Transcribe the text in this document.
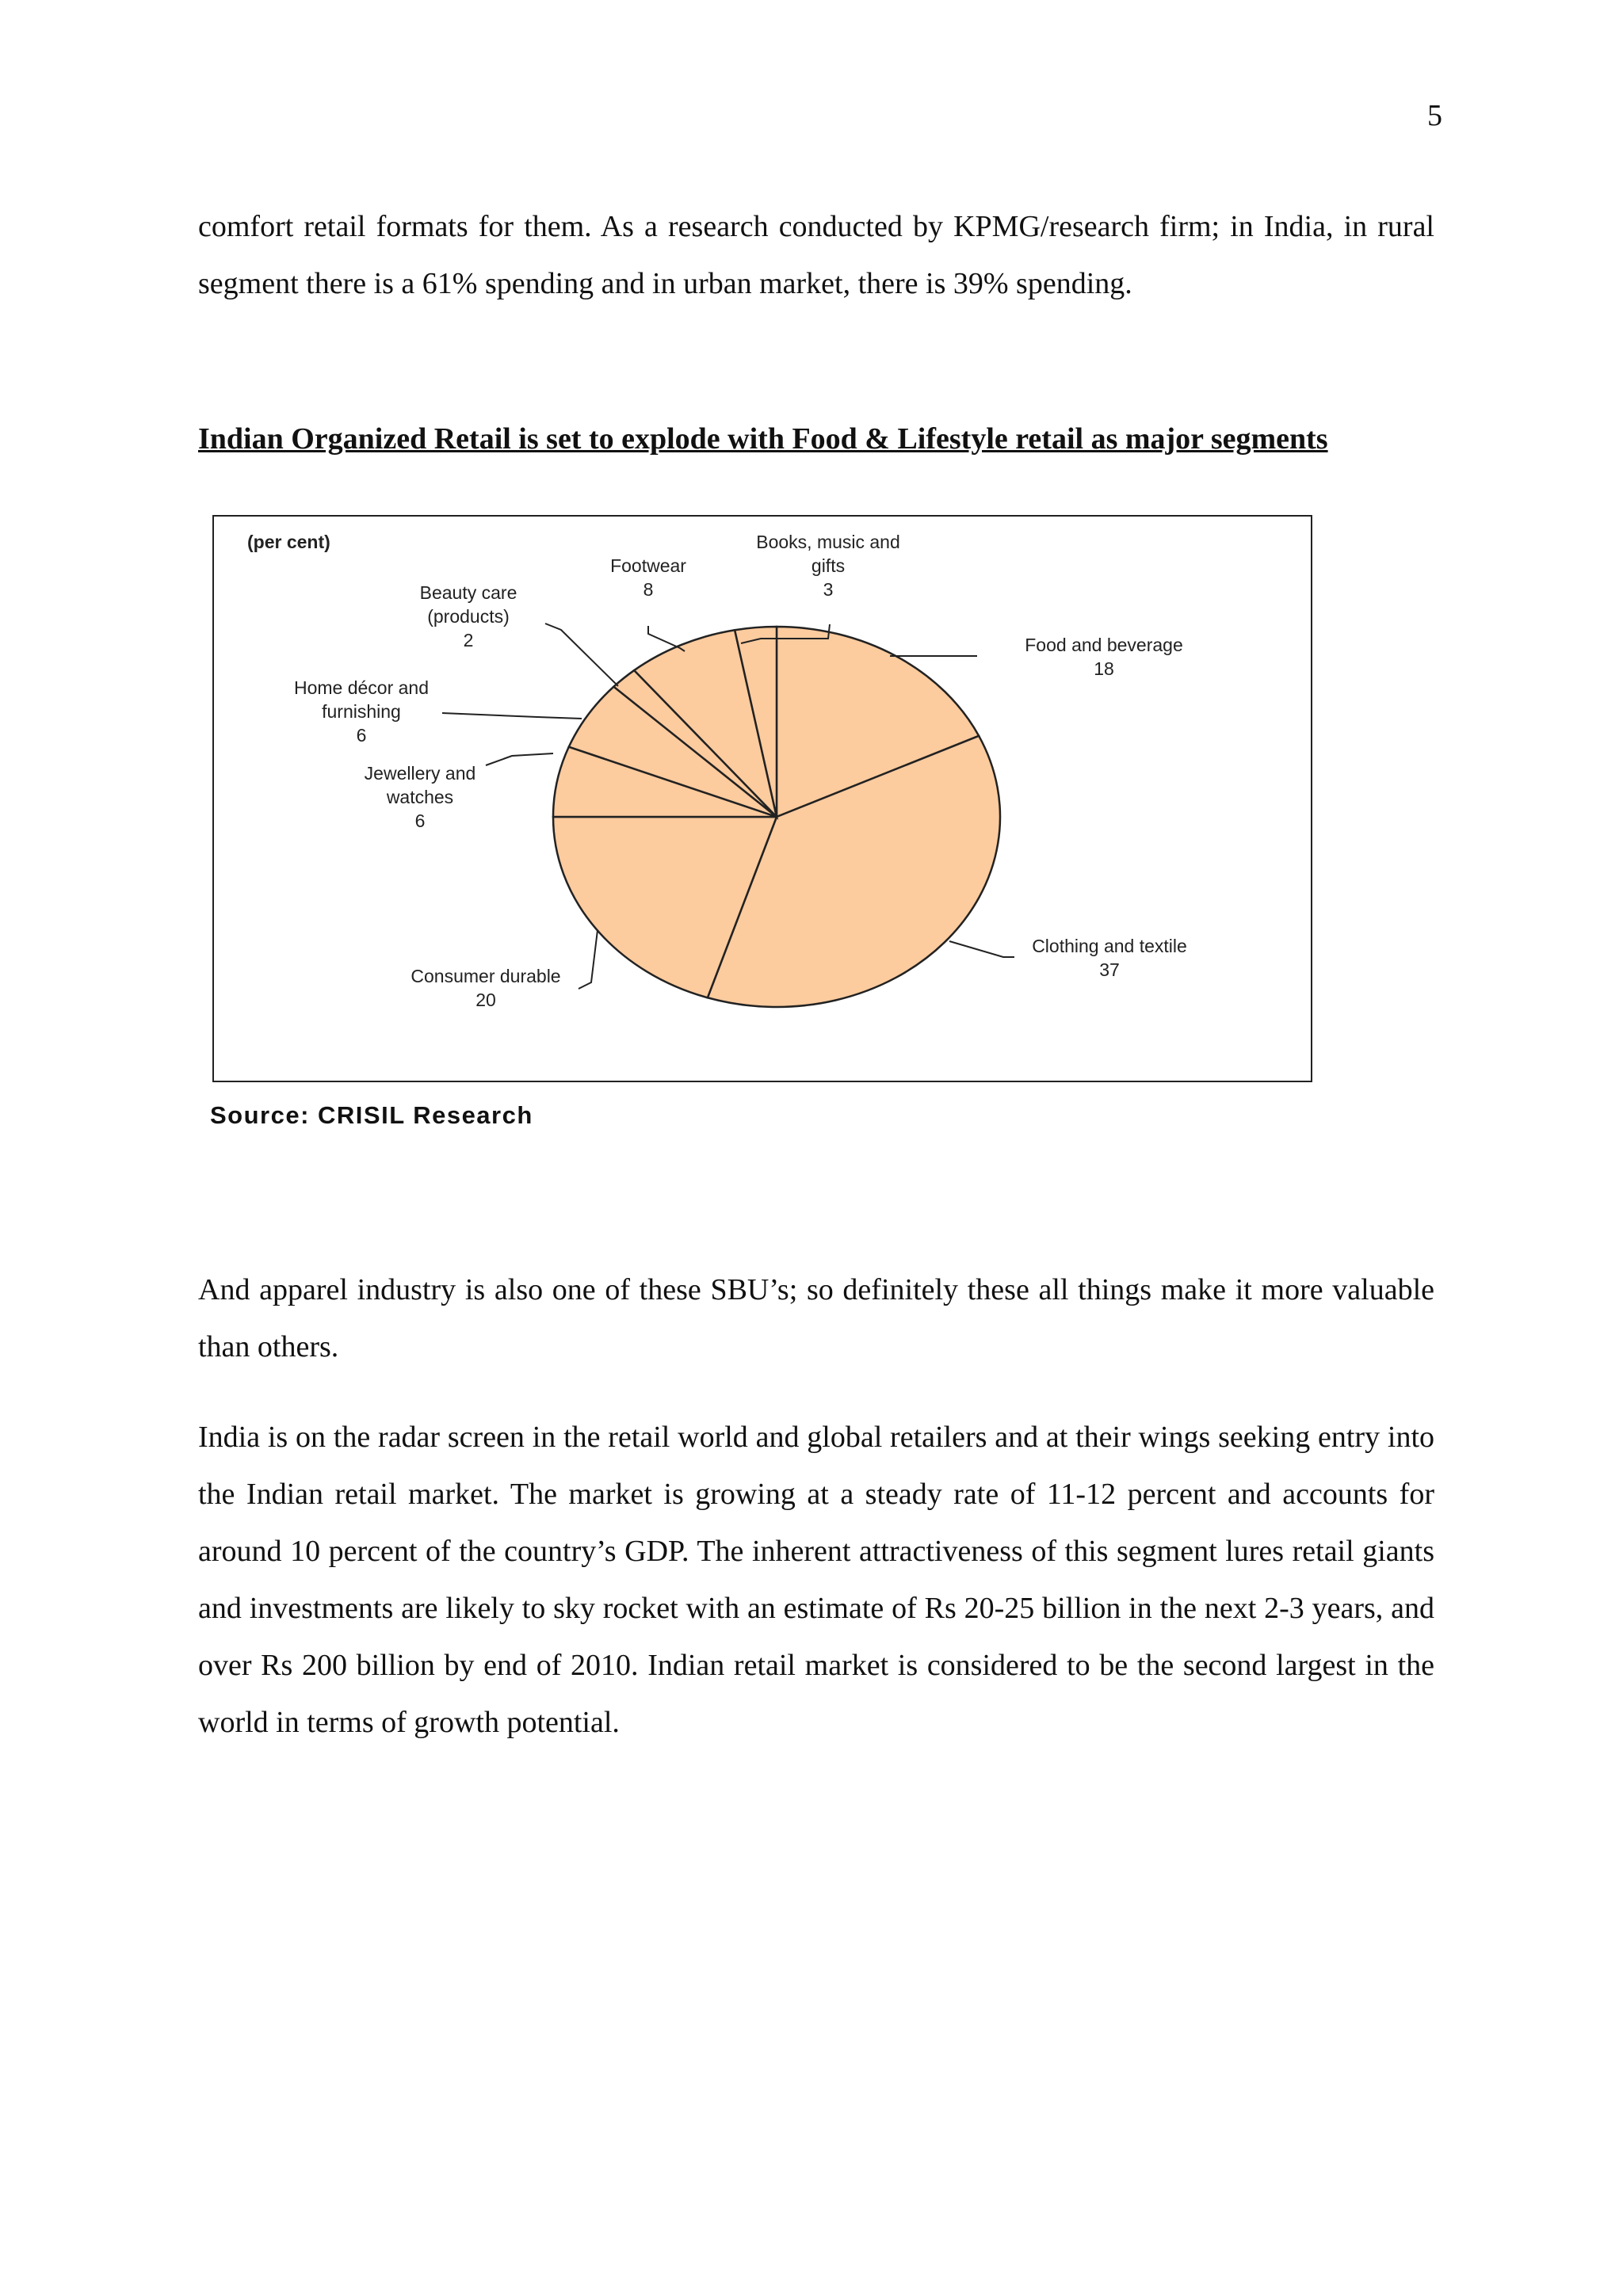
5

comfort retail formats for them. As a research conducted by KPMG/research firm; in India, in rural segment there is a 61% spending and in urban market, there is 39% spending.

Indian Organized Retail is set to explode with Food & Lifestyle retail as major segments
(per cent)
Food and beverage 18
Clothing and textile 37
Consumer durable 20
Jewellery and watches 6
Home décor and furnishing 6
Beauty care (products) 2
Footwear 8
Books, music and gifts 3
Source: CRISIL Research

And apparel industry is also one of these SBU’s; so definitely these all things make it more valuable than others.

India is on the radar screen in the retail world and global retailers and at their wings seeking entry into the Indian retail market. The market is growing at a steady rate of 11-12 percent and accounts for around 10 percent of the country’s GDP. The inherent attractiveness of this segment lures retail giants and investments are likely to sky rocket with an estimate of Rs 20-25 billion in the next 2-3 years, and over Rs 200 billion by end of 2010. Indian retail market is considered to be the second largest in the world in terms of growth potential.
